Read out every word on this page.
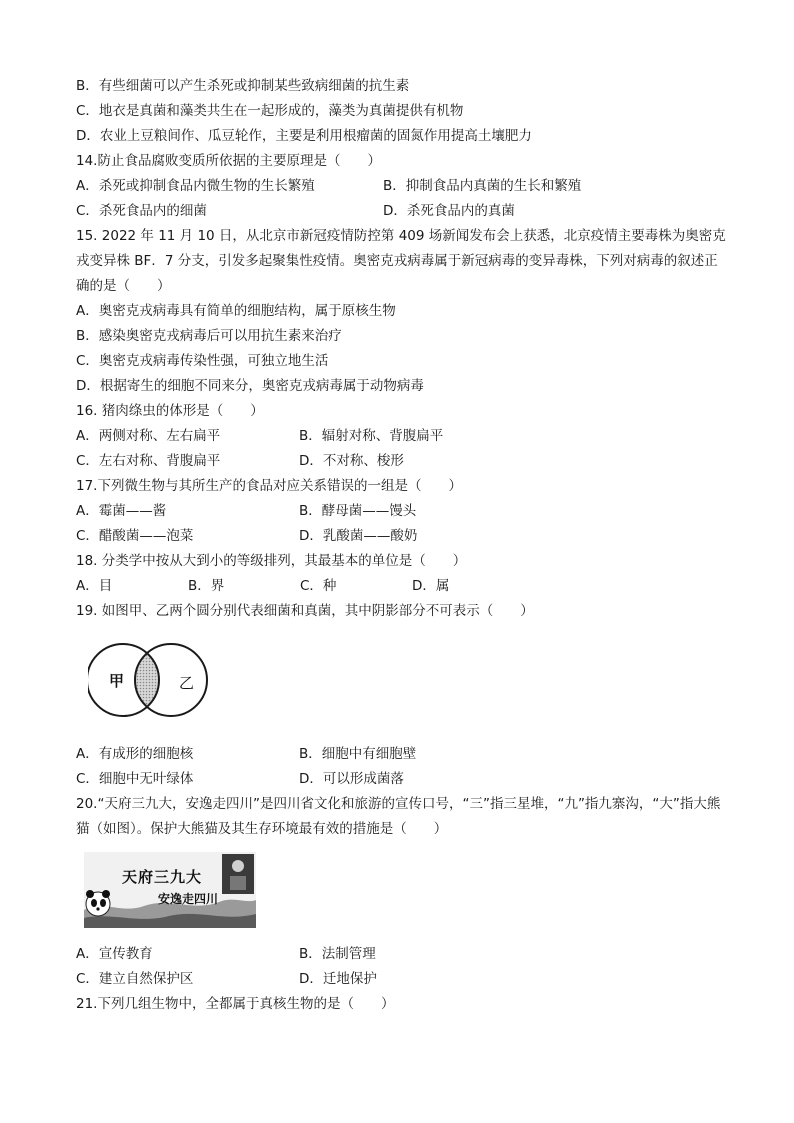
B．有些细菌可以产生杀死或抑制某些致病细菌的抗生素
C．地衣是真菌和藻类共生在一起形成的，藻类为真菌提供有机物
D．农业上豆粮间作、瓜豆轮作，主要是利用根瘤菌的固氮作用提高土壤肥力
14.防止食品腐败变质所依据的主要原理是（　　）
A．杀死或抑制食品内微生物的生长繁殖	B．抑制食品内真菌的生长和繁殖
C．杀死食品内的细菌	D．杀死食品内的真菌
15. 2022 年 11 月 10 日，从北京市新冠疫情防控第 409 场新闻发布会上获悉，北京疫情主要毒株为奥密克戎变异株 BF．7 分支，引发多起聚集性疫情。奥密克戎病毒属于新冠病毒的变异毒株，下列对病毒的叙述正确的是（　　）
A．奥密克戎病毒具有简单的细胞结构，属于原核生物
B．感染奥密克戎病毒后可以用抗生素来治疗
C．奥密克戎病毒传染性强，可独立地生活
D．根据寄生的细胞不同来分，奥密克戎病毒属于动物病毒
16. 猪肉绦虫的体形是（　　）
A．两侧对称、左右扁平	B．辐射对称、背腹扁平
C．左右对称、背腹扁平	D．不对称、梭形
17.下列微生物与其所生产的食品对应关系错误的一组是（　　）
A．霉菌——酱	B．酵母菌——馒头
C．醋酸菌——泡菜	D．乳酸菌——酸奶
18. 分类学中按从大到小的等级排列，其最基本的单位是（　　）
A．目	B．界	C．种	D．属
19. 如图甲、乙两个圆分别代表细菌和真菌，其中阴影部分不可表示（　　）
甲	乙
A．有成形的细胞核	B．细胞中有细胞壁
C．细胞中无叶绿体	D．可以形成菌落
20.“天府三九大，安逸走四川”是四川省文化和旅游的宣传口号，“三”指三星堆，“九”指九寨沟，“大”指大熊猫（如图）。保护大熊猫及其生存环境最有效的措施是（　　）
天府三九大
安逸走四川
A．宣传教育	B．法制管理
C．建立自然保护区	D．迁地保护
21.下列几组生物中，全都属于真核生物的是（　　）
